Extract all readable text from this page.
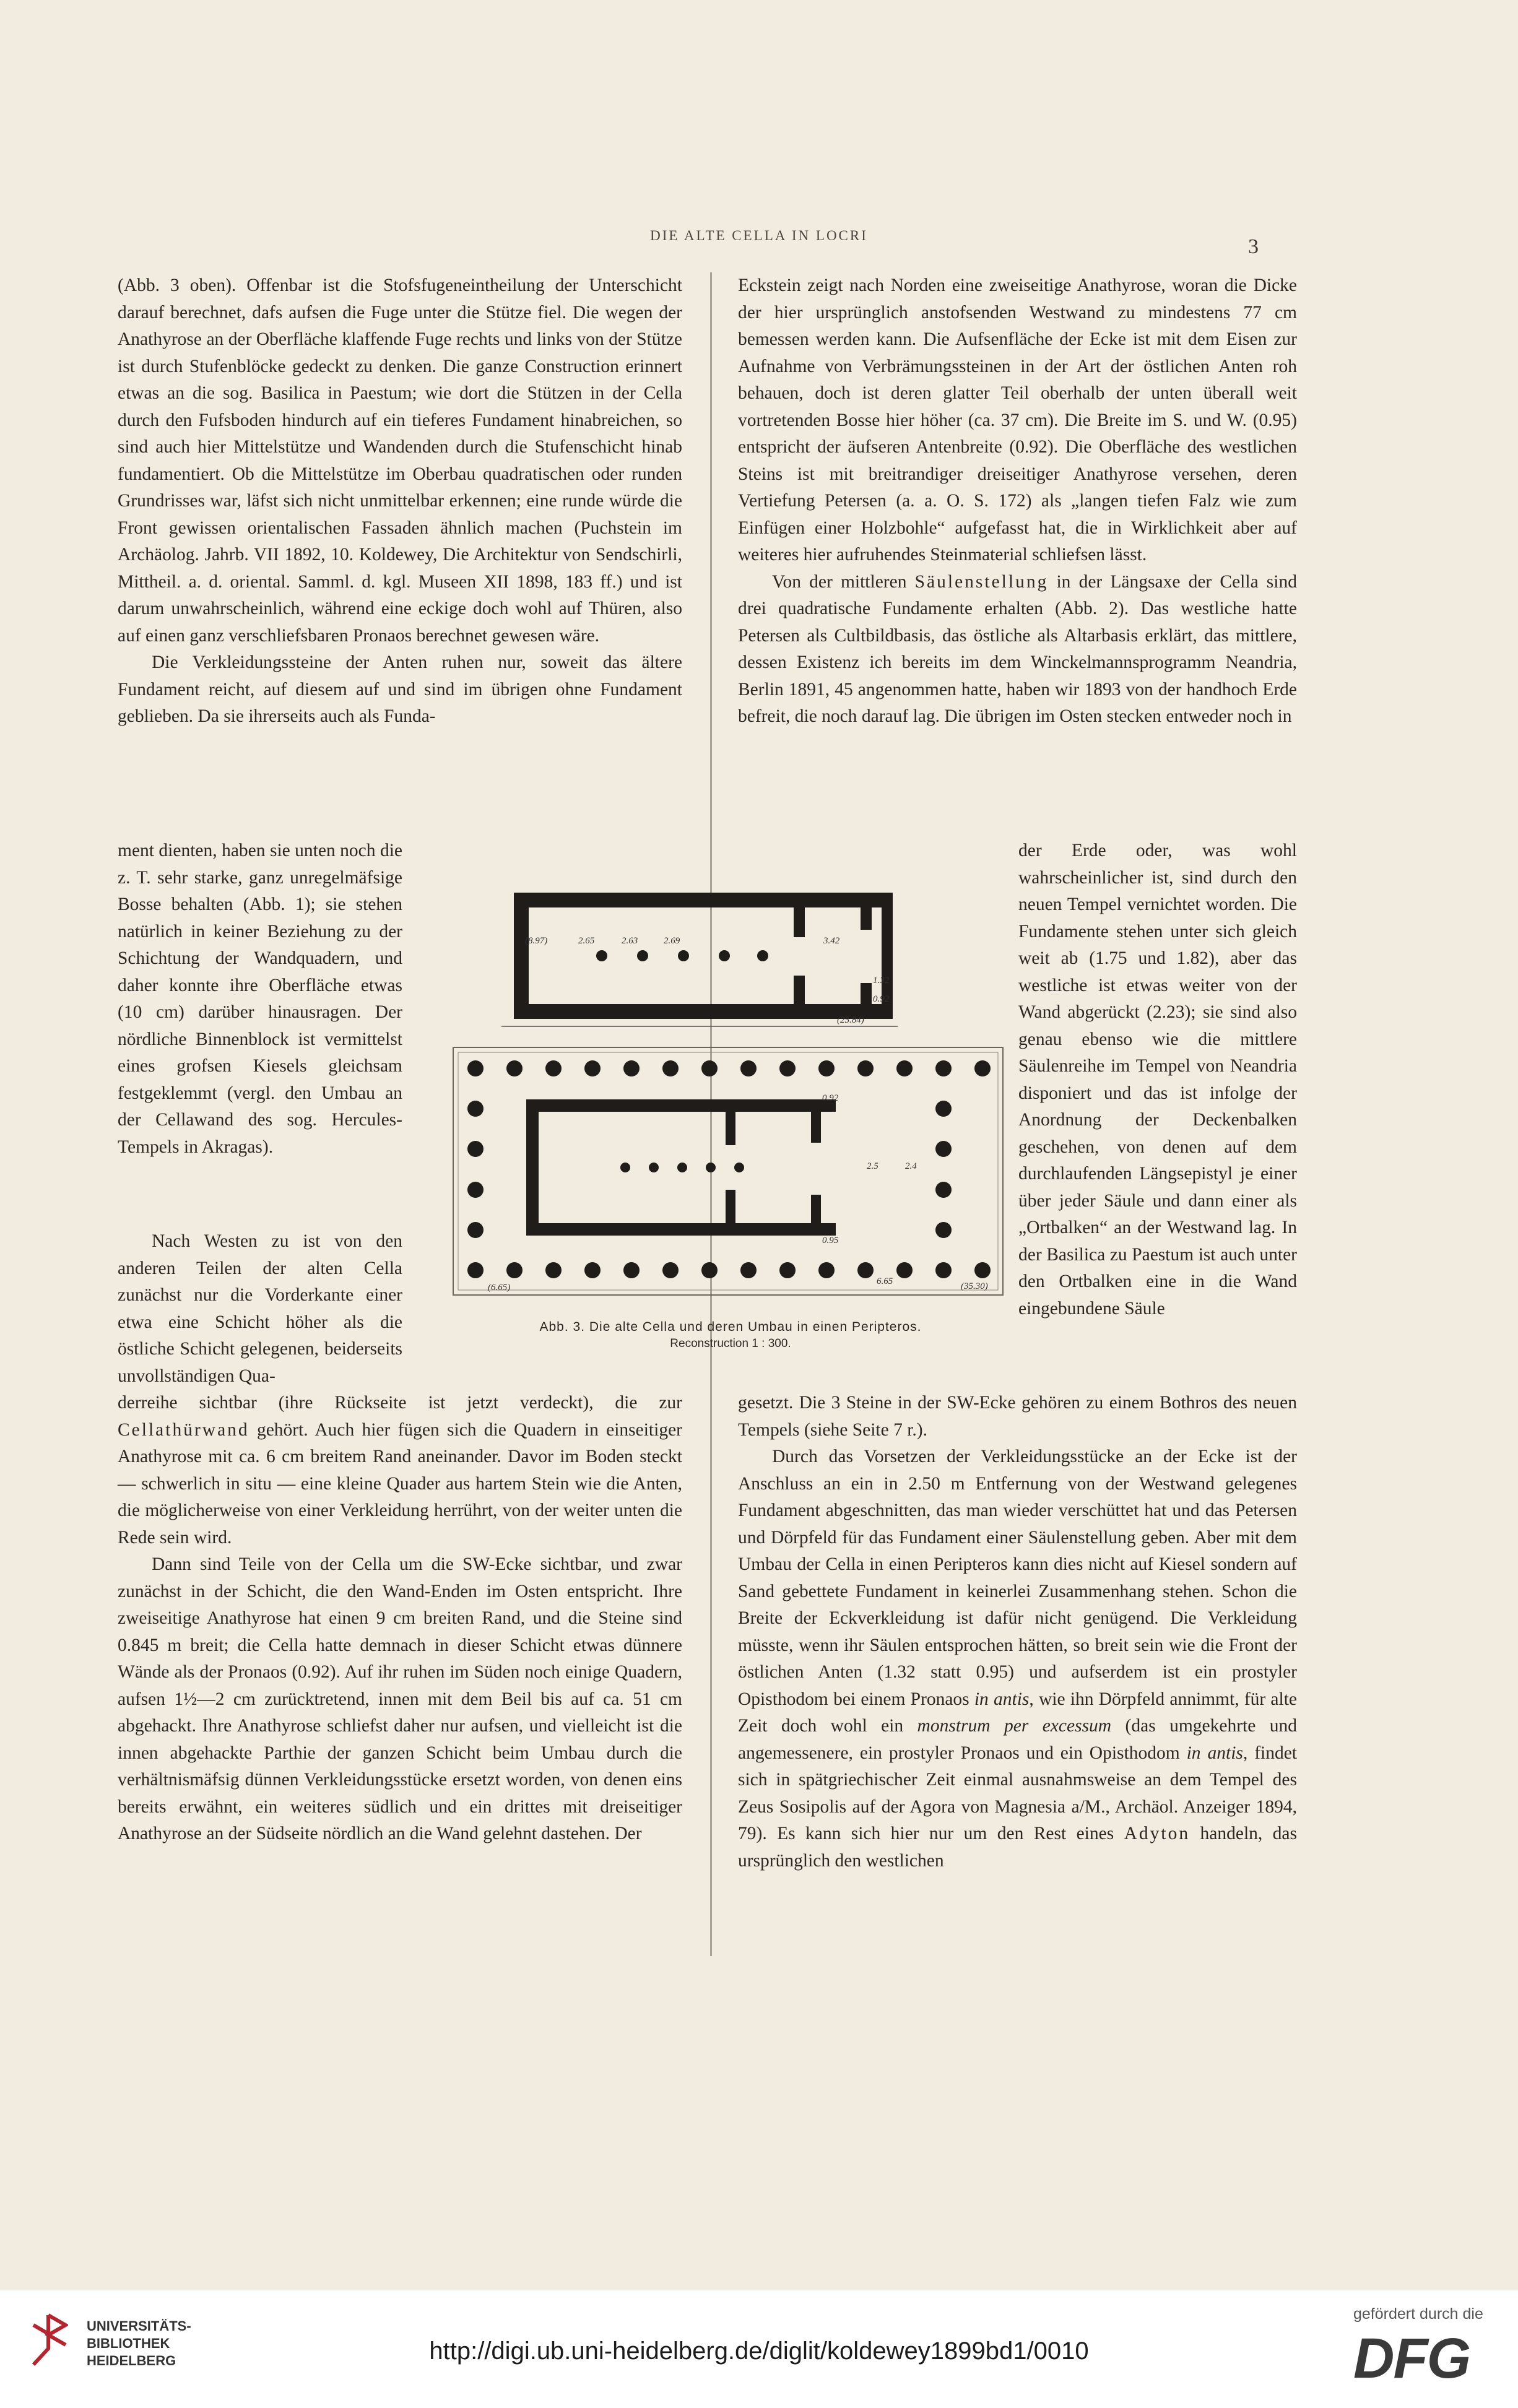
DIE ALTE CELLA IN LOCRI	3

(Abb. 3 oben). Offenbar ist die Stofsfugeneintheilung der Unterschicht darauf berechnet, dafs aufsen die Fuge unter die Stütze fiel. Die wegen der Anathyrose an der Oberfläche klaffende Fuge rechts und links von der Stütze ist durch Stufenblöcke gedeckt zu denken. Die ganze Construction erinnert etwas an die sog. Basilica in Paestum; wie dort die Stützen in der Cella durch den Fufsboden hindurch auf ein tieferes Fundament hinabreichen, so sind auch hier Mittelstütze und Wandenden durch die Stufenschicht hinab fundamentiert. Ob die Mittelstütze im Oberbau quadratischen oder runden Grundrisses war, läfst sich nicht unmittelbar erkennen; eine runde würde die Front gewissen orientalischen Fassaden ähnlich machen (Puchstein im Archäolog. Jahrb. VII 1892, 10. Koldewey, Die Architektur von Sendschirli, Mittheil. a. d. oriental. Samml. d. kgl. Museen XII 1898, 183 ff.) und ist darum unwahrscheinlich, während eine eckige doch wohl auf Thüren, also auf einen ganz verschliefsbaren Pronaos berechnet gewesen wäre.

Die Verkleidungssteine der Anten ruhen nur, soweit das ältere Fundament reicht, auf diesem auf und sind im übrigen ohne Fundament geblieben. Da sie ihrerseits auch als Funda-

ment dienten, haben sie unten noch die z. T. sehr starke, ganz unregelmäfsige Bosse behalten (Abb. 1); sie stehen natürlich in keiner Beziehung zu der Schichtung der Wandquadern, und daher konnte ihre Oberfläche etwas (10 cm) darüber hinausragen. Der nördliche Binnenblock ist vermittelst eines grofsen Kiesels gleichsam festgeklemmt (vergl. den Umbau an der Cellawand des sog. Hercules-Tempels in Akragas).

Nach Westen zu ist von den anderen Teilen der alten Cella zunächst nur die Vorderkante einer etwa eine Schicht höher als die östliche Schicht gelegenen, beiderseits unvollständigen Qua-

derreihe sichtbar (ihre Rückseite ist jetzt verdeckt), die zur Cellathürwand gehört. Auch hier fügen sich die Quadern in einseitiger Anathyrose mit ca. 6 cm breitem Rand aneinander. Davor im Boden steckt — schwerlich in situ — eine kleine Quader aus hartem Stein wie die Anten, die möglicherweise von einer Verkleidung herrührt, von der weiter unten die Rede sein wird.

Dann sind Teile von der Cella um die SW-Ecke sichtbar, und zwar zunächst in der Schicht, die den Wand-Enden im Osten entspricht. Ihre zweiseitige Anathyrose hat einen 9 cm breiten Rand, und die Steine sind 0.845 m breit; die Cella hatte demnach in dieser Schicht etwas dünnere Wände als der Pronaos (0.92). Auf ihr ruhen im Süden noch einige Quadern, aufsen 1½—2 cm zurücktretend, innen mit dem Beil bis auf ca. 51 cm abgehackt. Ihre Anathyrose schliefst daher nur aufsen, und vielleicht ist die innen abgehackte Parthie der ganzen Schicht beim Umbau durch die verhältnismäfsig dünnen Verkleidungsstücke ersetzt worden, von denen eins bereits erwähnt, ein weiteres südlich und ein drittes mit dreiseitiger Anathyrose an der Südseite nördlich an die Wand gelehnt dastehen. Der

Eckstein zeigt nach Norden eine zweiseitige Anathyrose, woran die Dicke der hier ursprünglich anstofsenden Westwand zu mindestens 77 cm bemessen werden kann. Die Aufsenfläche der Ecke ist mit dem Eisen zur Aufnahme von Verbrämungssteinen in der Art der östlichen Anten roh behauen, doch ist deren glatter Teil oberhalb der unten überall weit vortretenden Bosse hier höher (ca. 37 cm). Die Breite im S. und W. (0.95) entspricht der äufseren Antenbreite (0.92). Die Oberfläche des westlichen Steins ist mit breitrandiger dreiseitiger Anathyrose versehen, deren Vertiefung Petersen (a. a. O. S. 172) als „langen tiefen Falz wie zum Einfügen einer Holzbohle“ aufgefasst hat, die in Wirklichkeit aber auf weiteres hier aufruhendes Steinmaterial schliefsen lässt.

Von der mittleren Säulenstellung in der Längsaxe der Cella sind drei quadratische Fundamente erhalten (Abb. 2). Das westliche hatte Petersen als Cultbildbasis, das östliche als Altarbasis erklärt, das mittlere, dessen Existenz ich bereits im dem Winckelmannsprogramm Neandria, Berlin 1891, 45 angenommen hatte, haben wir 1893 von der handhoch Erde befreit, die noch darauf lag. Die übrigen im Osten stecken entweder noch in

der Erde oder, was wohl wahrscheinlicher ist, sind durch den neuen Tempel vernichtet worden. Die Fundamente stehen unter sich gleich weit ab (1.75 und 1.82), aber das westliche ist etwas weiter von der Wand abgerückt (2.23); sie sind also genau ebenso wie die mittlere Säulenreihe im Tempel von Neandria disponiert und das ist infolge der Anordnung der Deckenbalken geschehen, von denen auf dem durchlaufenden Längsepistyl je einer über jeder Säule und dann einer als „Ortbalken“ an der Westwand lag. In der Basilica zu Paestum ist auch unter den Ortbalken eine in die Wand eingebundene Säule

gesetzt. Die 3 Steine in der SW-Ecke gehören zu einem Bothros des neuen Tempels (siehe Seite 7 r.).

Durch das Vorsetzen der Verkleidungsstücke an der Ecke ist der Anschluss an ein in 2.50 m Entfernung von der Westwand gelegenes Fundament abgeschnitten, das man wieder verschüttet hat und das Petersen und Dörpfeld für das Fundament einer Säulenstellung geben. Aber mit dem Umbau der Cella in einen Peripteros kann dies nicht auf Kiesel sondern auf Sand gebettete Fundament in keinerlei Zusammenhang stehen. Schon die Breite der Eckverkleidung ist dafür nicht genügend. Die Verkleidung müsste, wenn ihr Säulen entsprochen hätten, so breit sein wie die Front der östlichen Anten (1.32 statt 0.95) und aufserdem ist ein prostyler Opisthodom bei einem Pronaos in antis, wie ihn Dörpfeld annimmt, für alte Zeit doch wohl ein monstrum per excessum (das umgekehrte und angemessenere, ein prostyler Pronaos und ein Opisthodom in antis, findet sich in spätgriechischer Zeit einmal ausnahmsweise an dem Tempel des Zeus Sosipolis auf der Agora von Magnesia a/M., Archäol. Anzeiger 1894, 79). Es kann sich hier nur um den Rest eines Adyton handeln, das ursprünglich den westlichen

(8.97)	2.65	2.63	2.69	3.42
(25.84)
1.32
0.92
(6.65)
6.65	(35.30)
0.92
0.95
2.5	2.4
Abb. 3. Die alte Cella und deren Umbau in einen Peripteros.
Reconstruction 1 : 300.
UNIVERSITÄTS-
BIBLIOTHEK
HEIDELBERG	http://digi.ub.uni-heidelberg.de/diglit/koldewey1899bd1/0010
gefördert durch die
DFG
